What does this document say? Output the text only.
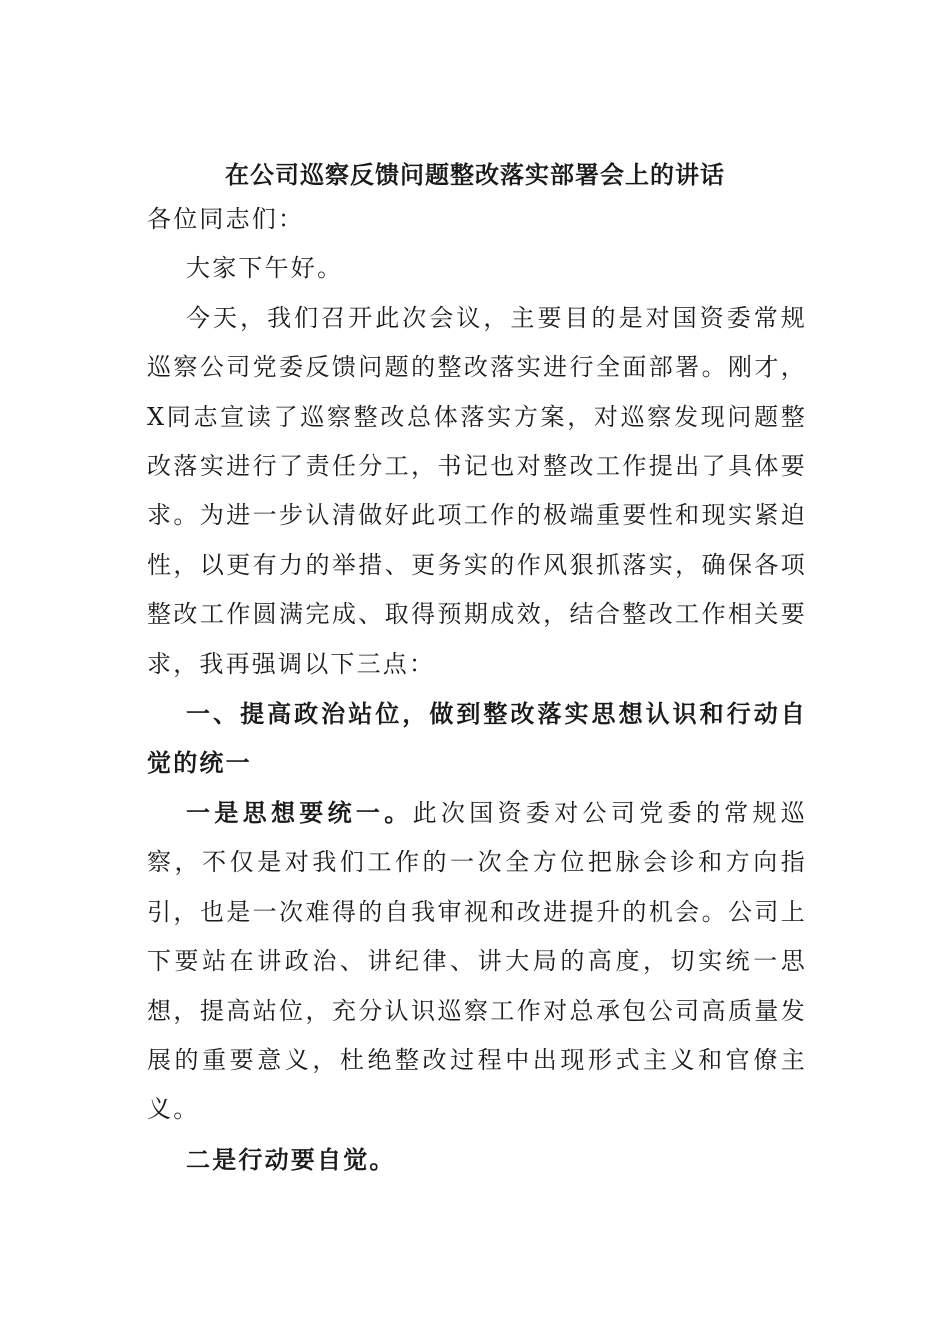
在公司巡察反馈问题整改落实部署会上的讲话

各位同志们：

大家下午好。

今天，我们召开此次会议，主要目的是对国资委常规巡察公司党委反馈问题的整改落实进行全面部署。刚才，X同志宣读了巡察整改总体落实方案，对巡察发现问题整改落实进行了责任分工，书记也对整改工作提出了具体要求。为进一步认清做好此项工作的极端重要性和现实紧迫性，以更有力的举措、更务实的作风狠抓落实，确保各项整改工作圆满完成、取得预期成效，结合整改工作相关要求，我再强调以下三点：

一、提高政治站位，做到整改落实思想认识和行动自觉的统一

一是思想要统一。此次国资委对公司党委的常规巡察，不仅是对我们工作的一次全方位把脉会诊和方向指引，也是一次难得的自我审视和改进提升的机会。公司上下要站在讲政治、讲纪律、讲大局的高度，切实统一思想，提高站位，充分认识巡察工作对总承包公司高质量发展的重要意义，杜绝整改过程中出现形式主义和官僚主义。

二是行动要自觉。
